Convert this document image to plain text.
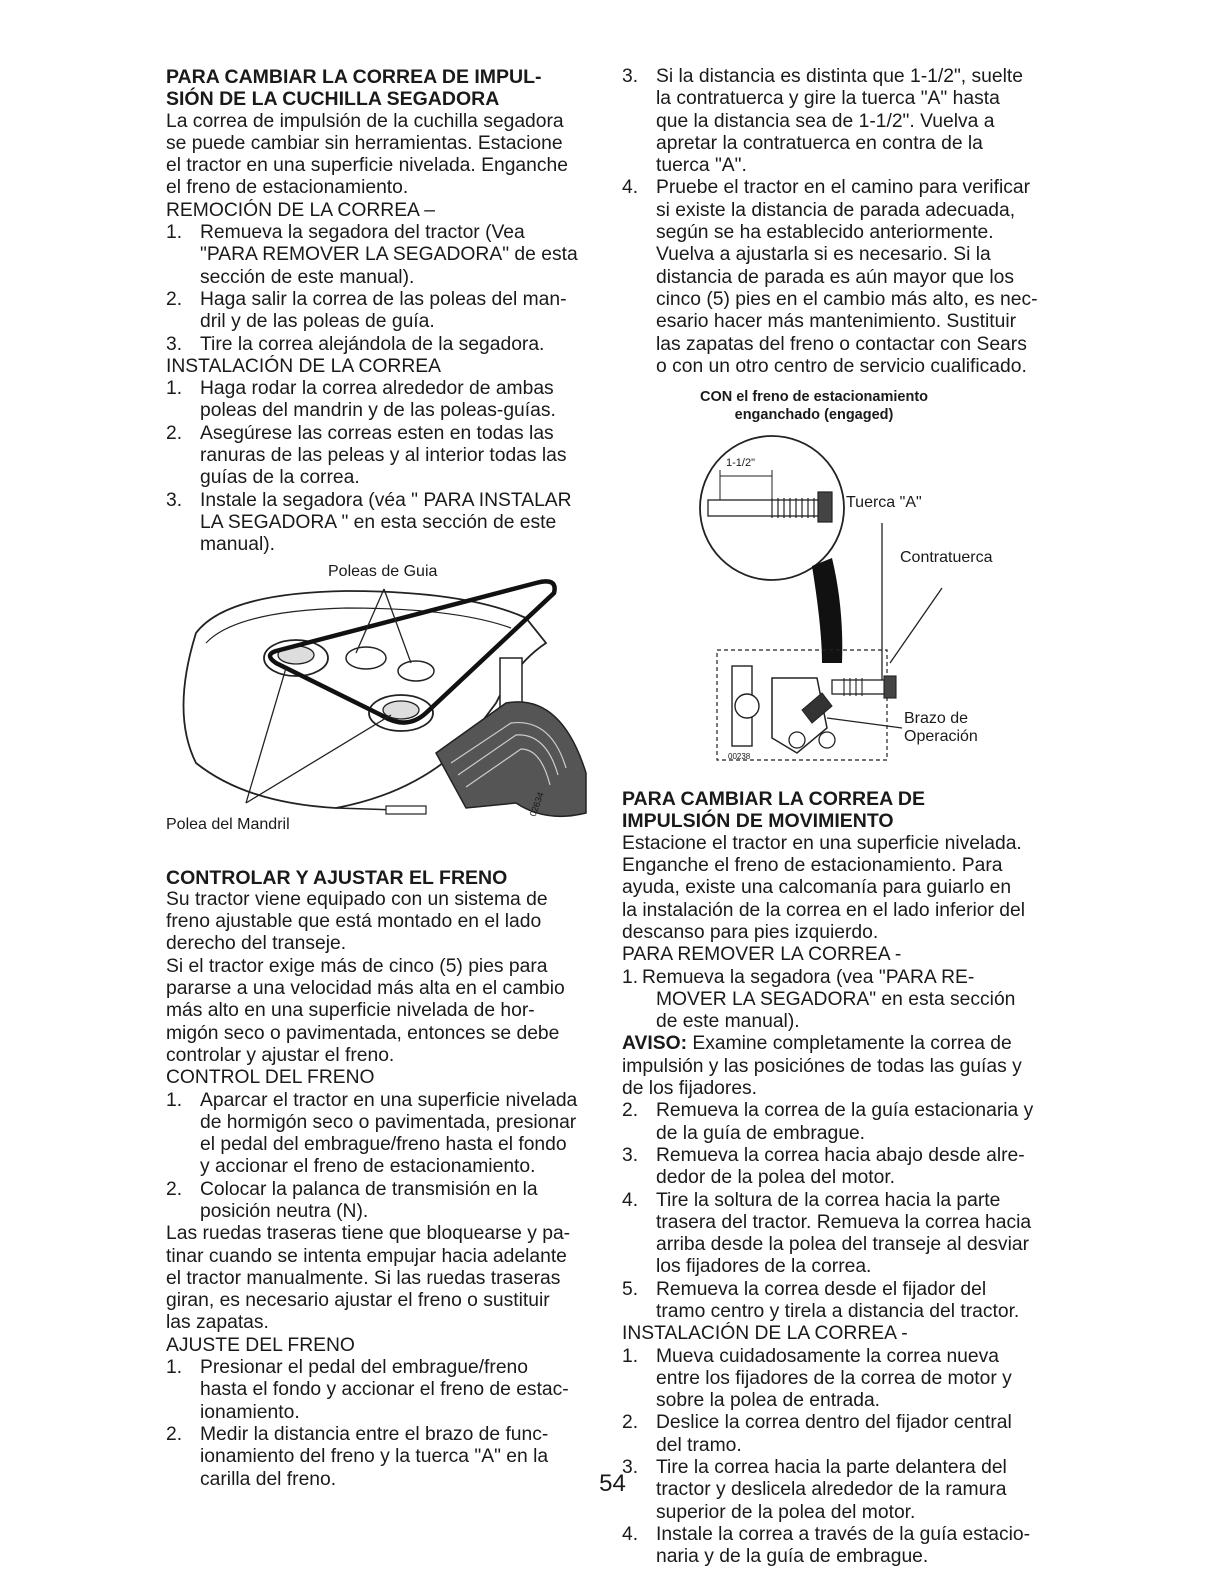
PARA CAMBIAR LA CORREA DE IMPUL-
SIÓN DE LA CUCHILLA SEGADORA
La correa de impulsión de la cuchilla segadora
se puede cambiar sin herramientas. Estacione
el tractor en una superficie nivelada. Enganche
el freno de estacionamiento.
REMOCIÓN DE LA CORREA –
1. Remueva la segadora del tractor (Vea
"PARA REMOVER LA SEGADORA" de esta
sección de este manual).
2. Haga salir la correa de las poleas del man-
dril y de las poleas de guía.
3. Tire la correa alejándola de la segadora.
INSTALACIÓN DE LA CORREA
1. Haga rodar la correa alrededor de ambas
poleas del mandrin y de las poleas-guías.
2. Asegúrese las correas esten en todas las
ranuras de las peleas y al interior todas las
guías de la correa.
3. Instale la segadora (véa " PARA INSTALAR
LA SEGADORA " en esta sección de este
manual).
Poleas de Guia
Polea del Mandril
02634
CONTROLAR Y AJUSTAR EL FRENO
Su tractor viene equipado con un sistema de
freno ajustable que está montado en el lado
derecho del transeje.
Si el tractor exige más de cinco (5) pies para
pararse a una velocidad más alta en el cambio
más alto en una superficie nivelada de hor-
migón seco o pavimentada, entonces se debe
controlar y ajustar el freno.
CONTROL DEL FRENO
1. Aparcar el tractor en una superficie nivelada
de hormigón seco o pavimentada, presionar
el pedal del embrague/freno hasta el fondo
y accionar el freno de estacionamiento.
2. Colocar la palanca de transmisión en la
posición neutra (N).
Las ruedas traseras tiene que bloquearse y pa-
tinar cuando se intenta empujar hacia adelante
el tractor manualmente. Si las ruedas traseras
giran, es necesario ajustar el freno o sustituir
las zapatas.
AJUSTE DEL FRENO
1. Presionar el pedal del embrague/freno
hasta el fondo y accionar el freno de estac-
ionamiento.
2. Medir la distancia entre el brazo de func-
ionamiento del freno y la tuerca "A" en la
carilla del freno.
3. Si la distancia es distinta que 1-1/2", suelte
la contratuerca y gire la tuerca "A" hasta
que la distancia sea de 1-1/2". Vuelva a
apretar la contratuerca en contra de la
tuerca "A".
4. Pruebe el tractor en el camino para verificar
si existe la distancia de parada adecuada,
según se ha establecido anteriormente.
Vuelva a ajustarla si es necesario. Si la
distancia de parada es aún mayor que los
cinco (5) pies en el cambio más alto, es nec-
esario hacer más mantenimiento. Sustituir
las zapatas del freno o contactar con Sears
o con un otro centro de servicio cualificado.
CON el freno de estacionamiento
enganchado (engaged)
1-1/2"
Tuerca "A"
Contratuerca
Brazo de
Operación
00238
PARA CAMBIAR LA CORREA DE
IMPULSIÓN DE MOVIMIENTO
Estacione el tractor en una superficie nivelada.
Enganche el freno de estacionamiento. Para
ayuda, existe una calcomanía para guiarlo en
la instalación de la correa en el lado inferior del
descanso para pies izquierdo.
PARA REMOVER LA CORREA -
1. Remueva la segadora (vea "PARA RE-
MOVER LA SEGADORA" en esta sección
de este manual).
AVISO: Examine completamente la correa de
impulsión y las posiciónes de todas las guías y
de los fijadores.
2. Remueva la correa de la guía estacionaria y
de la guía de embrague.
3. Remueva la correa hacia abajo desde alre-
dedor de la polea del motor.
4. Tire la soltura de la correa hacia la parte
trasera del tractor. Remueva la correa hacia
arriba desde la polea del transeje al desviar
los fijadores de la correa.
5. Remueva la correa desde el fijador del
tramo centro y tirela a distancia del tractor.
INSTALACIÓN DE LA CORREA -
1. Mueva cuidadosamente la correa nueva
entre los fijadores de la correa de motor y
sobre la polea de entrada.
2. Deslice la correa dentro del fijador central
del tramo.
3. Tire la correa hacia la parte delantera del
tractor y deslicela alrededor de la ramura
superior de la polea del motor.
4. Instale la correa a través de la guía estacio-
naria y de la guía de embrague.
54
